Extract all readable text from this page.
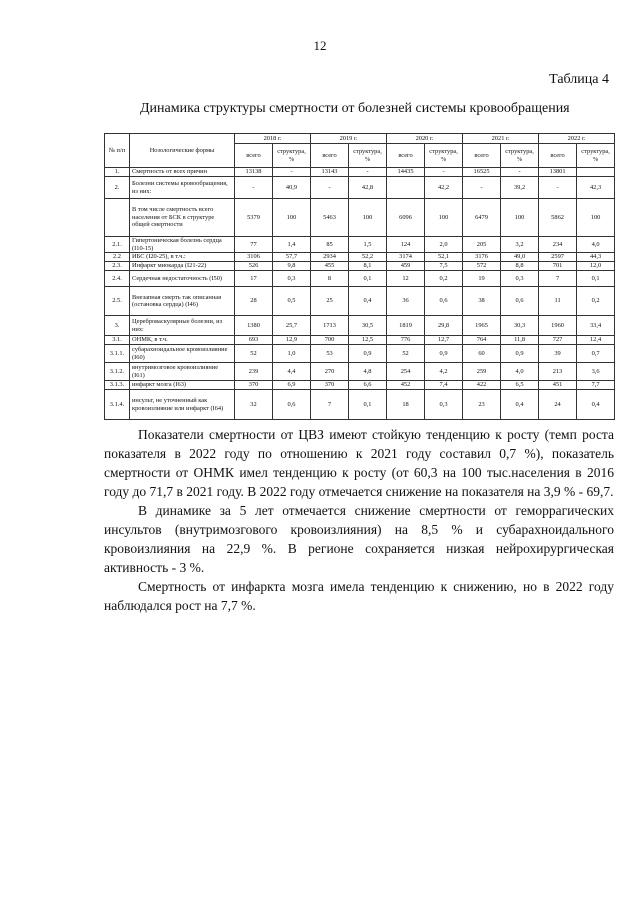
12
Таблица 4
Динамика структуры смертности от болезней системы кровообращения
№ п/п	Нозологические формы	2018 г.		2019 г.		2020 г.		2021 г.		2022 г.	
		всего	структура, %	всего	структура, %	всего	структура, %	всего	структура, %	всего	структура, %
1.	Смертность от всех причин	13138	-	13143	-	14435	-	16525	-	13801	
2.	Болезни системы кровообращения, из них:	-	40,9	-	42,8		42,2	-	39,2	-	42,3
	В том числе смертность всего населения от БСК в структуре общей смертности	5379	100	5463	100	6096	100	6479	100	5862	100
2.1.	Гипертоническая болезнь сердца (I10-15)	77	1,4	85	1,5	124	2,0	205	3,2	234	4,0
2.2	ИБС (I20-25), в т.ч.:	3106	57,7	2934	52,2	3174	52,1	3176	49,0	2597	44,3
2.3.	Инфаркт миокарда (I21-22)	526	9,8	455	8,1	459	7,5	572	8,8	701	12,0
2.4.	Сердечная недостаточность (I50)	17	0,3	8	0,1	12	0,2	19	0,3	7	0,1
2.5.	Внезапная смерть так описанная (остановка сердца) (I46)	28	0,5	25	0,4	36	0,6	38	0,6	11	0,2
3.	Цереброваскулярные болезни, из них:	1380	25,7	1713	30,5	1819	29,8	1965	30,3	1960	33,4
3.1.	ОНМК, в т.ч.	693	12,9	700	12,5	776	12,7	764	11,8	727	12,4
3.1.1.	субарахноидальное кровоизлияние (I60)	52	1,0	53	0,9	52	0,9	60	0,9	39	0,7
3.1.2.	внутримозговое кровоизлияние (I61)	239	4,4	270	4,8	254	4,2	259	4,0	213	3,6
3.1.3.	инфаркт мозга (I63)	370	6,9	370	6,6	452	7,4	422	6,5	451	7,7
3.1.4.	инсульт, не уточненный как кровоизлияние или инфаркт (I64)	32	0,6	7	0,1	18	0,3	23	0,4	24	0,4

Показатели смертности от ЦВЗ имеют стойкую тенденцию к росту (темп роста показателя в 2022 году по отношению к 2021 году составил 0,7 %), показатель смертности от ОНМК имел тенденцию к росту (от 60,3 на 100 тыс.населения в 2016 году до 71,7 в 2021 году. В 2022 году отмечается снижение на показателя на 3,9 % - 69,7.

В динамике за 5 лет отмечается снижение смертности от геморрагических инсультов (внутримозгового кровоизлияния) на 8,5 % и субарахноидального кровоизлияния на 22,9 %. В регионе сохраняется низкая нейрохирургическая активность - 3 %.

Смертность от инфаркта мозга имела тенденцию к снижению, но в 2022 году наблюдался рост на 7,7 %.
